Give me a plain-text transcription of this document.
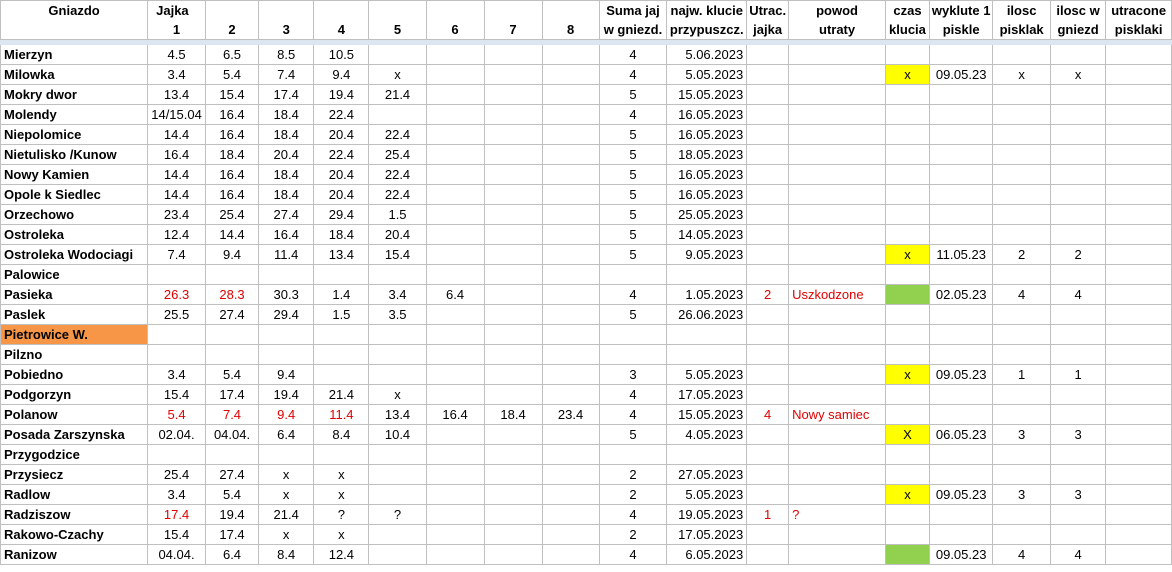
Gniazdo	Jajka								Suma jaj	najw. klucie	Utrac.	powod	czas	wyklute 1	ilosc	ilosc w	utracone
	1	2	3	4	5	6	7	8	w gniezd.	przypuszcz.	jajka	utraty	klucia	piskle	pisklak	gniezd	pisklaki

Mierzyn	4.5	6.5	8.5	10.5					4	5.06.2023							
Milowka	3.4	5.4	7.4	9.4	x				4	5.05.2023			x	09.05.23	x	x	
Mokry dwor	13.4	15.4	17.4	19.4	21.4				5	15.05.2023							
Molendy	14/15.04	16.4	18.4	22.4					4	16.05.2023							
Niepolomice	14.4	16.4	18.4	20.4	22.4				5	16.05.2023							
Nietulisko /Kunow	16.4	18.4	20.4	22.4	25.4				5	18.05.2023							
Nowy Kamien	14.4	16.4	18.4	20.4	22.4				5	16.05.2023							
Opole k Siedlec	14.4	16.4	18.4	20.4	22.4				5	16.05.2023							
Orzechowo	23.4	25.4	27.4	29.4	1.5				5	25.05.2023							
Ostroleka	12.4	14.4	16.4	18.4	20.4				5	14.05.2023							
Ostroleka Wodociagi	7.4	9.4	11.4	13.4	15.4				5	9.05.2023			x	11.05.23	2	2	
Palowice																	
Pasieka	26.3	28.3	30.3	1.4	3.4	6.4			4	1.05.2023	2	Uszkodzone		02.05.23	4	4	
Paslek	25.5	27.4	29.4	1.5	3.5				5	26.06.2023							
Pietrowice W.																	
Pilzno																	
Pobiedno	3.4	5.4	9.4						3	5.05.2023			x	09.05.23	1	1	
Podgorzyn	15.4	17.4	19.4	21.4	x				4	17.05.2023							
Polanow	5.4	7.4	9.4	11.4	13.4	16.4	18.4	23.4	4	15.05.2023	4	Nowy samiec					
Posada Zarszynska	02.04.	04.04.	6.4	8.4	10.4				5	4.05.2023			X	06.05.23	3	3	
Przygodzice																	
Przysiecz	25.4	27.4	x	x					2	27.05.2023							
Radlow	3.4	5.4	x	x					2	5.05.2023			x	09.05.23	3	3	
Radziszow	17.4	19.4	21.4	?	?				4	19.05.2023	1	?					
Rakowo-Czachy	15.4	17.4	x	x					2	17.05.2023							
Ranizow	04.04.	6.4	8.4	12.4					4	6.05.2023				09.05.23	4	4	
